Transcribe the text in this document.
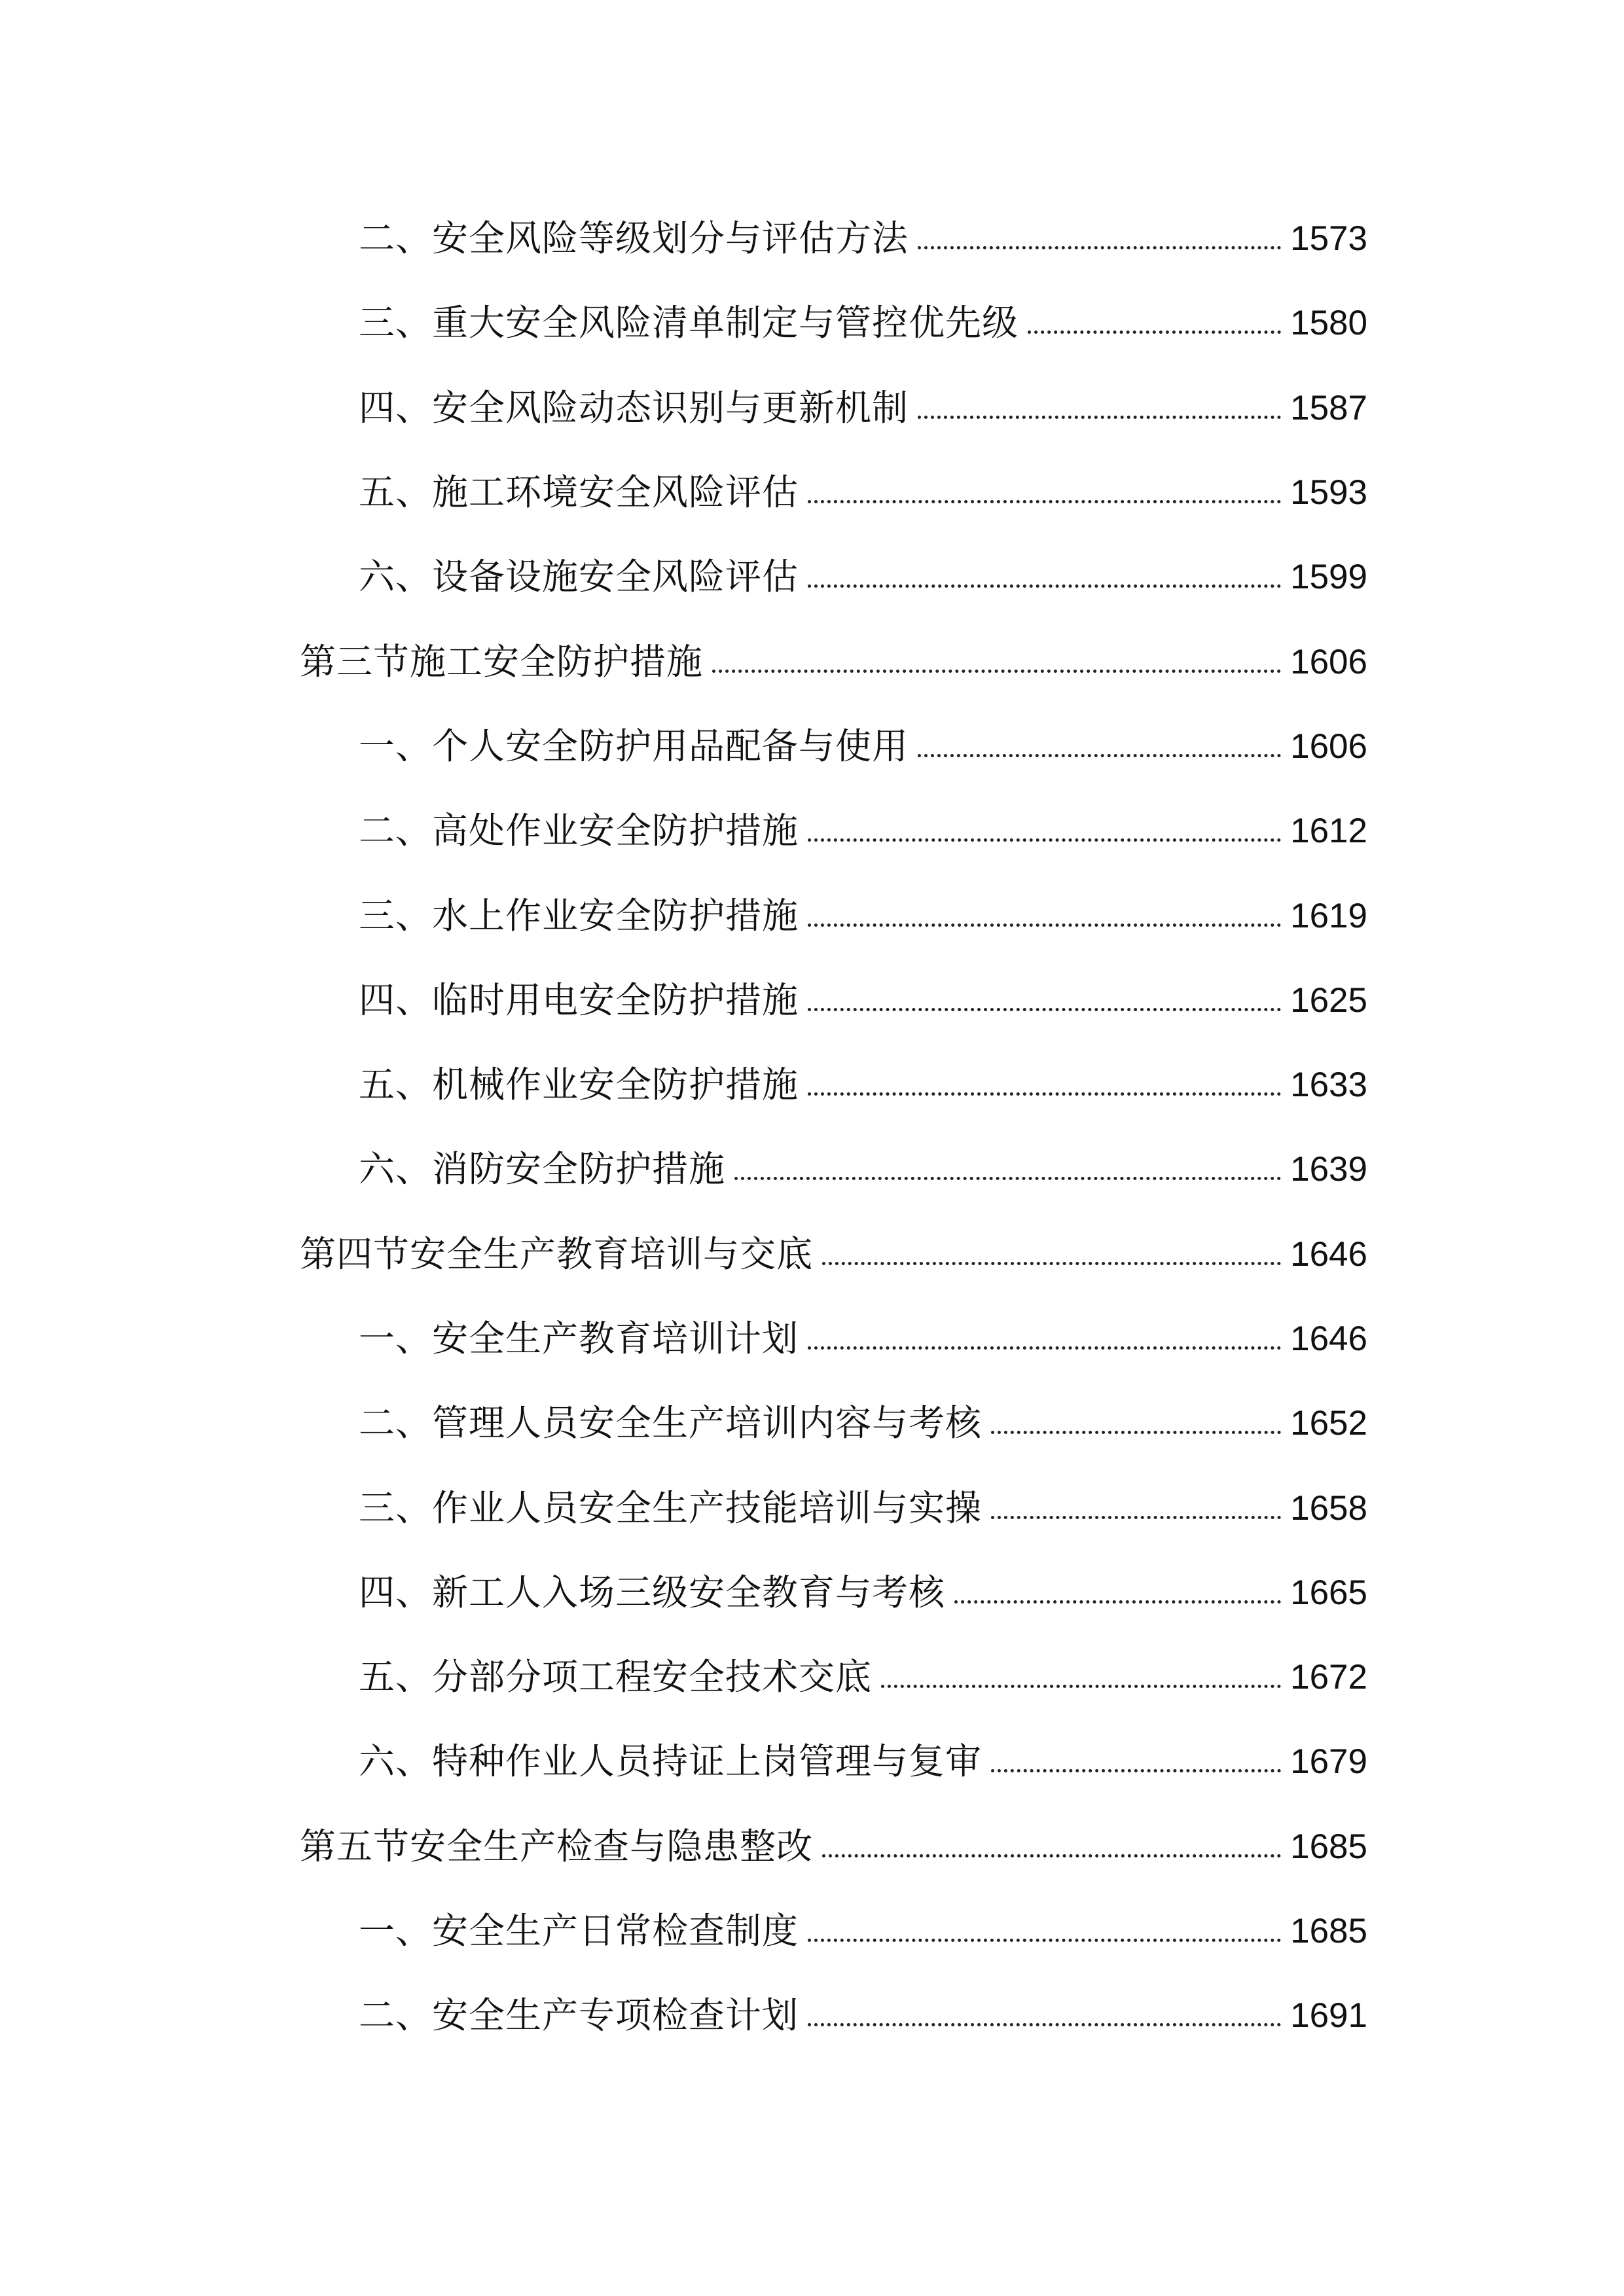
二、安全风险等级划分与评估方法	1573
三、重大安全风险清单制定与管控优先级	1580
四、安全风险动态识别与更新机制	1587
五、施工环境安全风险评估	1593
六、设备设施安全风险评估	1599
第三节施工安全防护措施	1606
一、个人安全防护用品配备与使用	1606
二、高处作业安全防护措施	1612
三、水上作业安全防护措施	1619
四、临时用电安全防护措施	1625
五、机械作业安全防护措施	1633
六、消防安全防护措施	1639
第四节安全生产教育培训与交底	1646
一、安全生产教育培训计划	1646
二、管理人员安全生产培训内容与考核	1652
三、作业人员安全生产技能培训与实操	1658
四、新工人入场三级安全教育与考核	1665
五、分部分项工程安全技术交底	1672
六、特种作业人员持证上岗管理与复审	1679
第五节安全生产检查与隐患整改	1685
一、安全生产日常检查制度	1685
二、安全生产专项检查计划	1691
